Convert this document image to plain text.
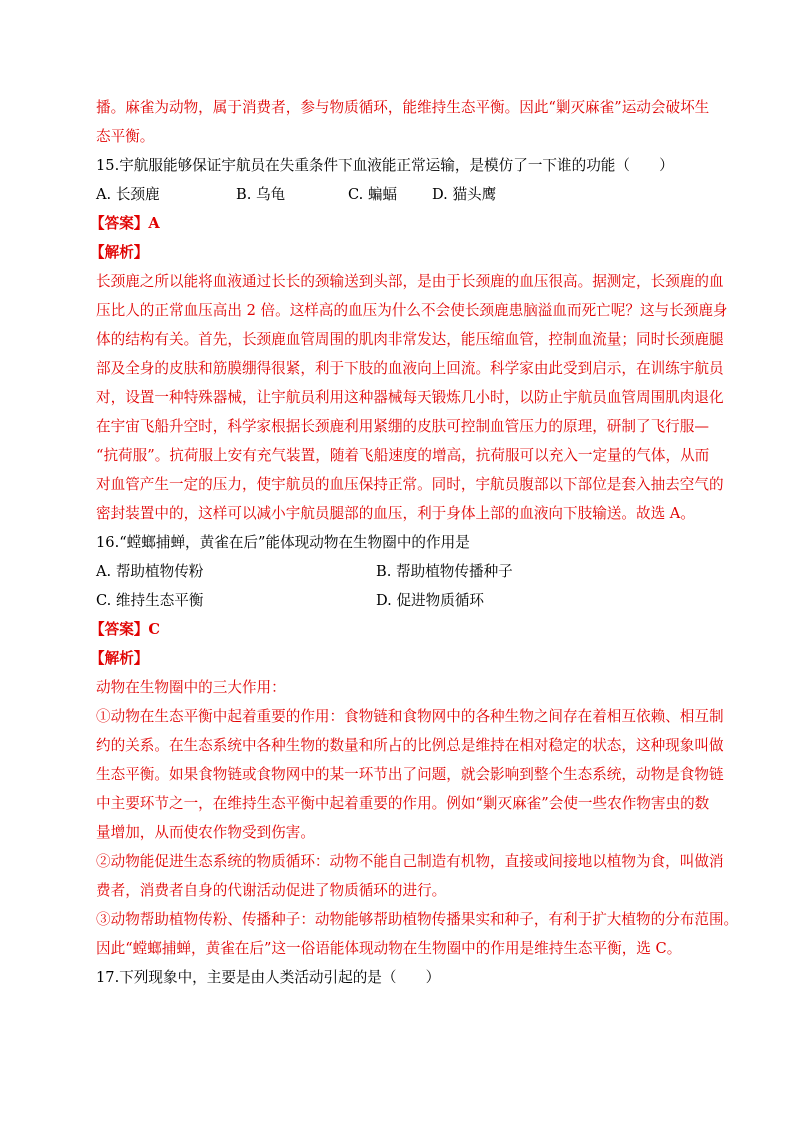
播。麻雀为动物，属于消费者，参与物质循环，能维持生态平衡。因此“剿灭麻雀”运动会破坏生
态平衡。
15.宇航服能够保证宇航员在失重条件下血液能正常运输，是模仿了一下谁的功能（　　）
A. 长颈鹿	B. 乌龟	C. 蝙蝠 D. 猫头鹰
【答案】A
【解析】
长颈鹿之所以能将血液通过长长的颈输送到头部，是由于长颈鹿的血压很高。据测定，长颈鹿的血
压比人的正常血压高出 2 倍。这样高的血压为什么不会使长颈鹿患脑溢血而死亡呢？这与长颈鹿身
体的结构有关。首先，长颈鹿血管周围的肌肉非常发达，能压缩血管，控制血流量；同时长颈鹿腿
部及全身的皮肤和筋膜绷得很紧，利于下肢的血液向上回流。科学家由此受到启示，在训练宇航员
对，设置一种特殊器械，让宇航员利用这种器械每天锻炼几小时，以防止宇航员血管周围肌肉退化
在宇宙飞船升空时，科学家根据长颈鹿利用紧绷的皮肤可控制血管压力的原理，研制了飞行服—
“抗荷服”。抗荷服上安有充气装置，随着飞船速度的增高，抗荷服可以充入一定量的气体，从而
对血管产生一定的压力，使宇航员的血压保持正常。同时，宇航员腹部以下部位是套入抽去空气的
密封装置中的，这样可以减小宇航员腿部的血压，利于身体上部的血液向下肢输送。故选 A。
16.“螳螂捕蝉，黄雀在后”能体现动物在生物圈中的作用是
A. 帮助植物传粉	B. 帮助植物传播种子
C. 维持生态平衡	D. 促进物质循环
【答案】C
【解析】
动物在生物圈中的三大作用：
①动物在生态平衡中起着重要的作用：食物链和食物网中的各种生物之间存在着相互依赖、相互制
约的关系。在生态系统中各种生物的数量和所占的比例总是维持在相对稳定的状态，这种现象叫做
生态平衡。如果食物链或食物网中的某一环节出了问题，就会影响到整个生态系统，动物是食物链
中主要环节之一，在维持生态平衡中起着重要的作用。例如“剿灭麻雀”会使一些农作物害虫的数
量增加，从而使农作物受到伤害。
②动物能促进生态系统的物质循环：动物不能自己制造有机物，直接或间接地以植物为食，叫做消
费者，消费者自身的代谢活动促进了物质循环的进行。
③动物帮助植物传粉、传播种子：动物能够帮助植物传播果实和种子，有利于扩大植物的分布范围。
因此“螳螂捕蝉，黄雀在后”这一俗语能体现动物在生物圈中的作用是维持生态平衡，选 C。
17.下列现象中，主要是由人类活动引起的是（　　）
